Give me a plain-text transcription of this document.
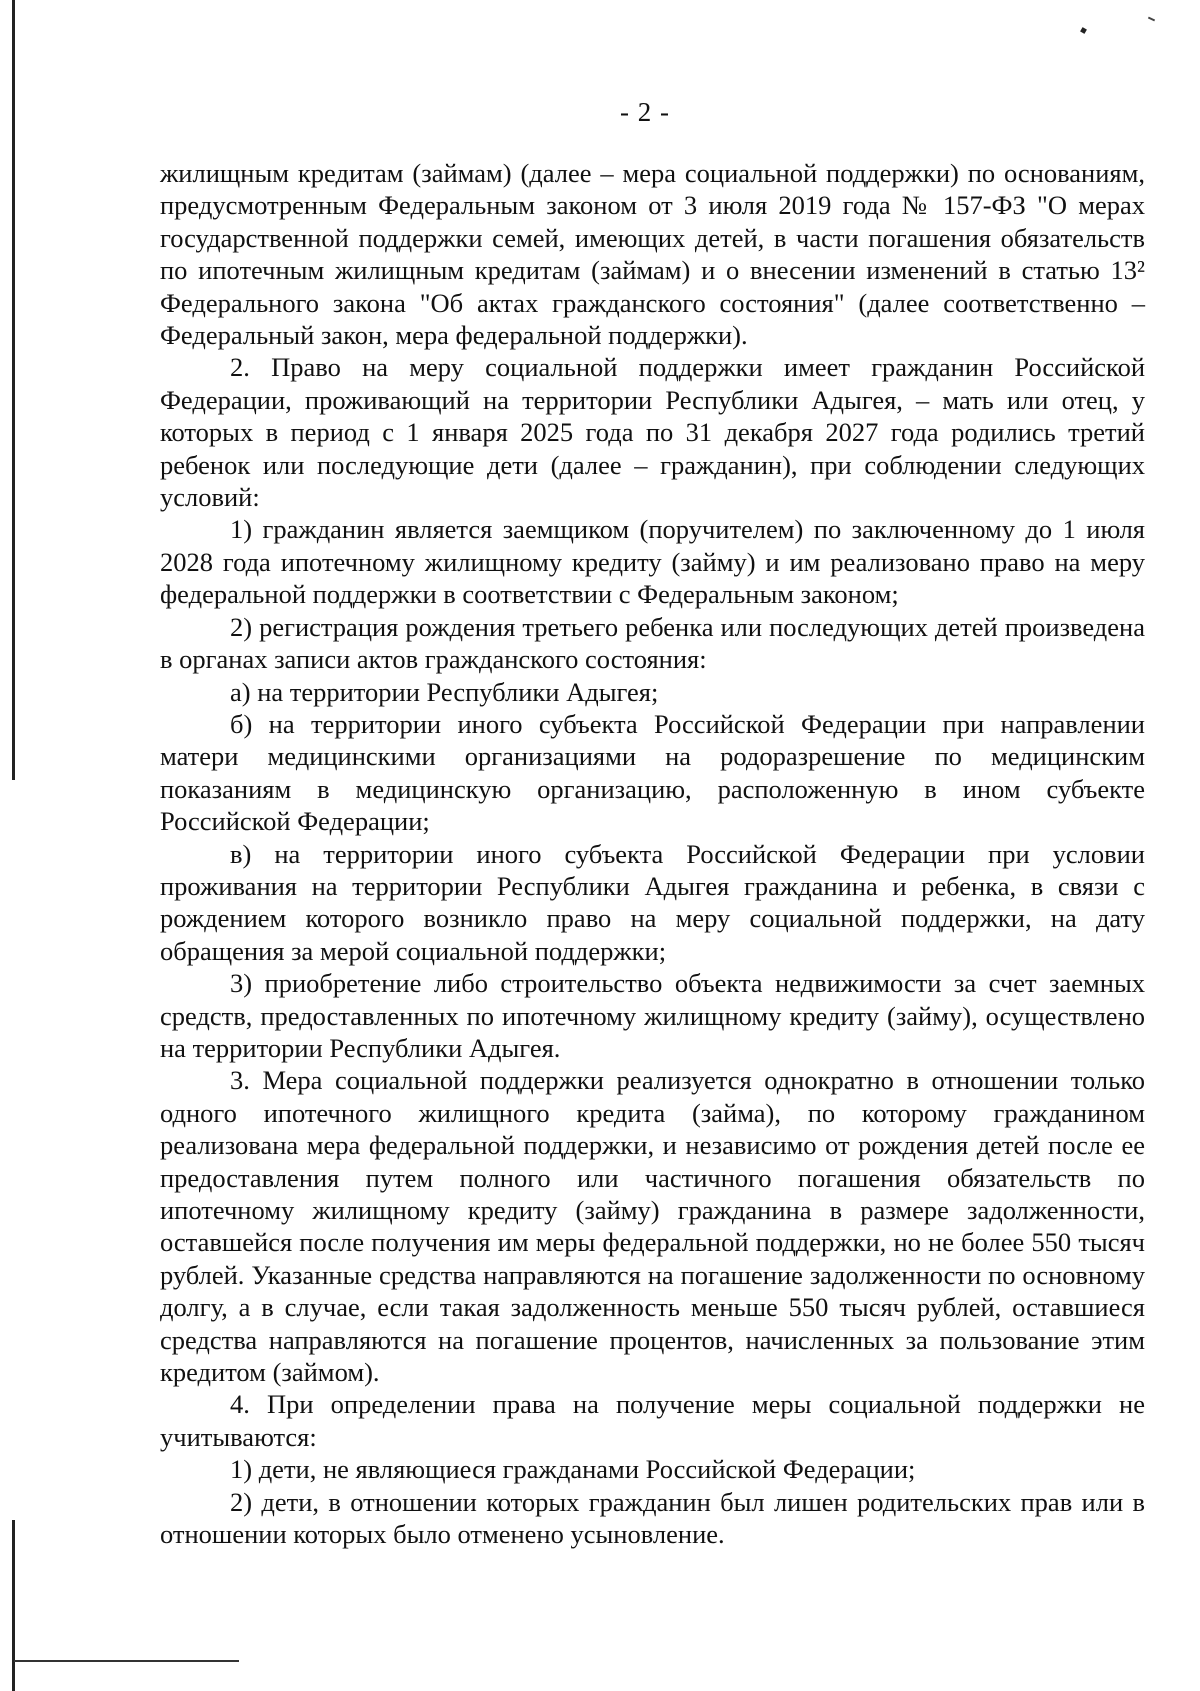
- 2 -

жилищным кредитам (займам) (далее – мера социальной поддержки) по основаниям, предусмотренным Федеральным законом от 3 июля 2019 года № 157-ФЗ "О мерах государственной поддержки семей, имеющих детей, в части погашения обязательств по ипотечным жилищным кредитам (займам) и о внесении изменений в статью 13² Федерального закона "Об актах гражданского состояния" (далее соответственно – Федеральный закон, мера федеральной поддержки).

2. Право на меру социальной поддержки имеет гражданин Российской Федерации, проживающий на территории Республики Адыгея, – мать или отец, у которых в период с 1 января 2025 года по 31 декабря 2027 года родились третий ребенок или последующие дети (далее – гражданин), при соблюдении следующих условий:

1) гражданин является заемщиком (поручителем) по заключенному до 1 июля 2028 года ипотечному жилищному кредиту (займу) и им реализовано право на меру федеральной поддержки в соответствии с Федеральным законом;

2) регистрация рождения третьего ребенка или последующих детей произведена в органах записи актов гражданского состояния:

а) на территории Республики Адыгея;

б) на территории иного субъекта Российской Федерации при направлении матери медицинскими организациями на родоразрешение по медицинским показаниям в медицинскую организацию, расположенную в ином субъекте Российской Федерации;

в) на территории иного субъекта Российской Федерации при условии проживания на территории Республики Адыгея гражданина и ребенка, в связи с рождением которого возникло право на меру социальной поддержки, на дату обращения за мерой социальной поддержки;

3) приобретение либо строительство объекта недвижимости за счет заемных средств, предоставленных по ипотечному жилищному кредиту (займу), осуществлено на территории Республики Адыгея.

3. Мера социальной поддержки реализуется однократно в отношении только одного ипотечного жилищного кредита (займа), по которому гражданином реализована мера федеральной поддержки, и независимо от рождения детей после ее предоставления путем полного или частичного погашения обязательств по ипотечному жилищному кредиту (займу) гражданина в размере задолженности, оставшейся после получения им меры федеральной поддержки, но не более 550 тысяч рублей. Указанные средства направляются на погашение задолженности по основному долгу, а в случае, если такая задолженность меньше 550 тысяч рублей, оставшиеся средства направляются на погашение процентов, начисленных за пользование этим кредитом (займом).

4. При определении права на получение меры социальной поддержки не учитываются:

1) дети, не являющиеся гражданами Российской Федерации;

2) дети, в отношении которых гражданин был лишен родительских прав или в отношении которых было отменено усыновление.
